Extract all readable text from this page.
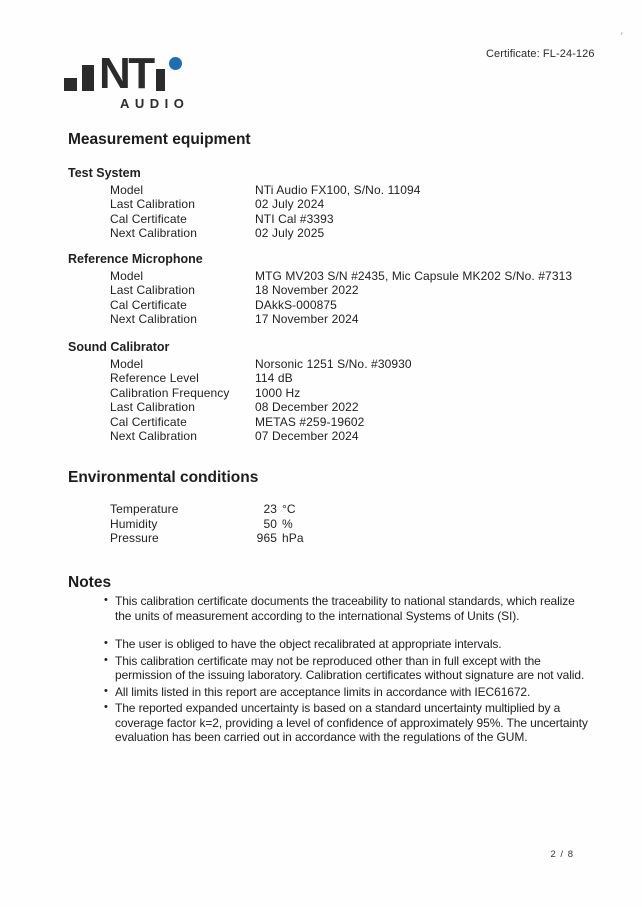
’
Certificate: FL-24-126
NT
AUDIO
Measurement equipment
Test System
Model	NTi Audio FX100, S/No. 11094
Last Calibration	02 July 2024
Cal Certificate	NTI Cal #3393
Next Calibration	02 July 2025
Reference Microphone
Model	MTG MV203 S/N #2435, Mic Capsule MK202 S/No. #7313
Last Calibration	18 November 2022
Cal Certificate	DAkkS-000875
Next Calibration	17 November 2024
Sound Calibrator
Model	Norsonic 1251 S/No. #30930
Reference Level	114 dB
Calibration Frequency	1000 Hz
Last Calibration	08 December 2022
Cal Certificate	METAS #259-19602
Next Calibration	07 December 2024
Environmental conditions
Temperature	23 °C
Humidity	50 %
Pressure	965 hPa
Notes
• This calibration certificate documents the traceability to national standards, which realize the units of measurement according to the international Systems of Units (SI).
• The user is obliged to have the object recalibrated at appropriate intervals.
• This calibration certificate may not be reproduced other than in full except with the permission of the issuing laboratory. Calibration certificates without signature are not valid.
• All limits listed in this report are acceptance limits in accordance with IEC61672.
• The reported expanded uncertainty is based on a standard uncertainty multiplied by a coverage factor k=2, providing a level of confidence of approximately 95%. The uncertainty evaluation has been carried out in accordance with the regulations of the GUM.
2 / 8
